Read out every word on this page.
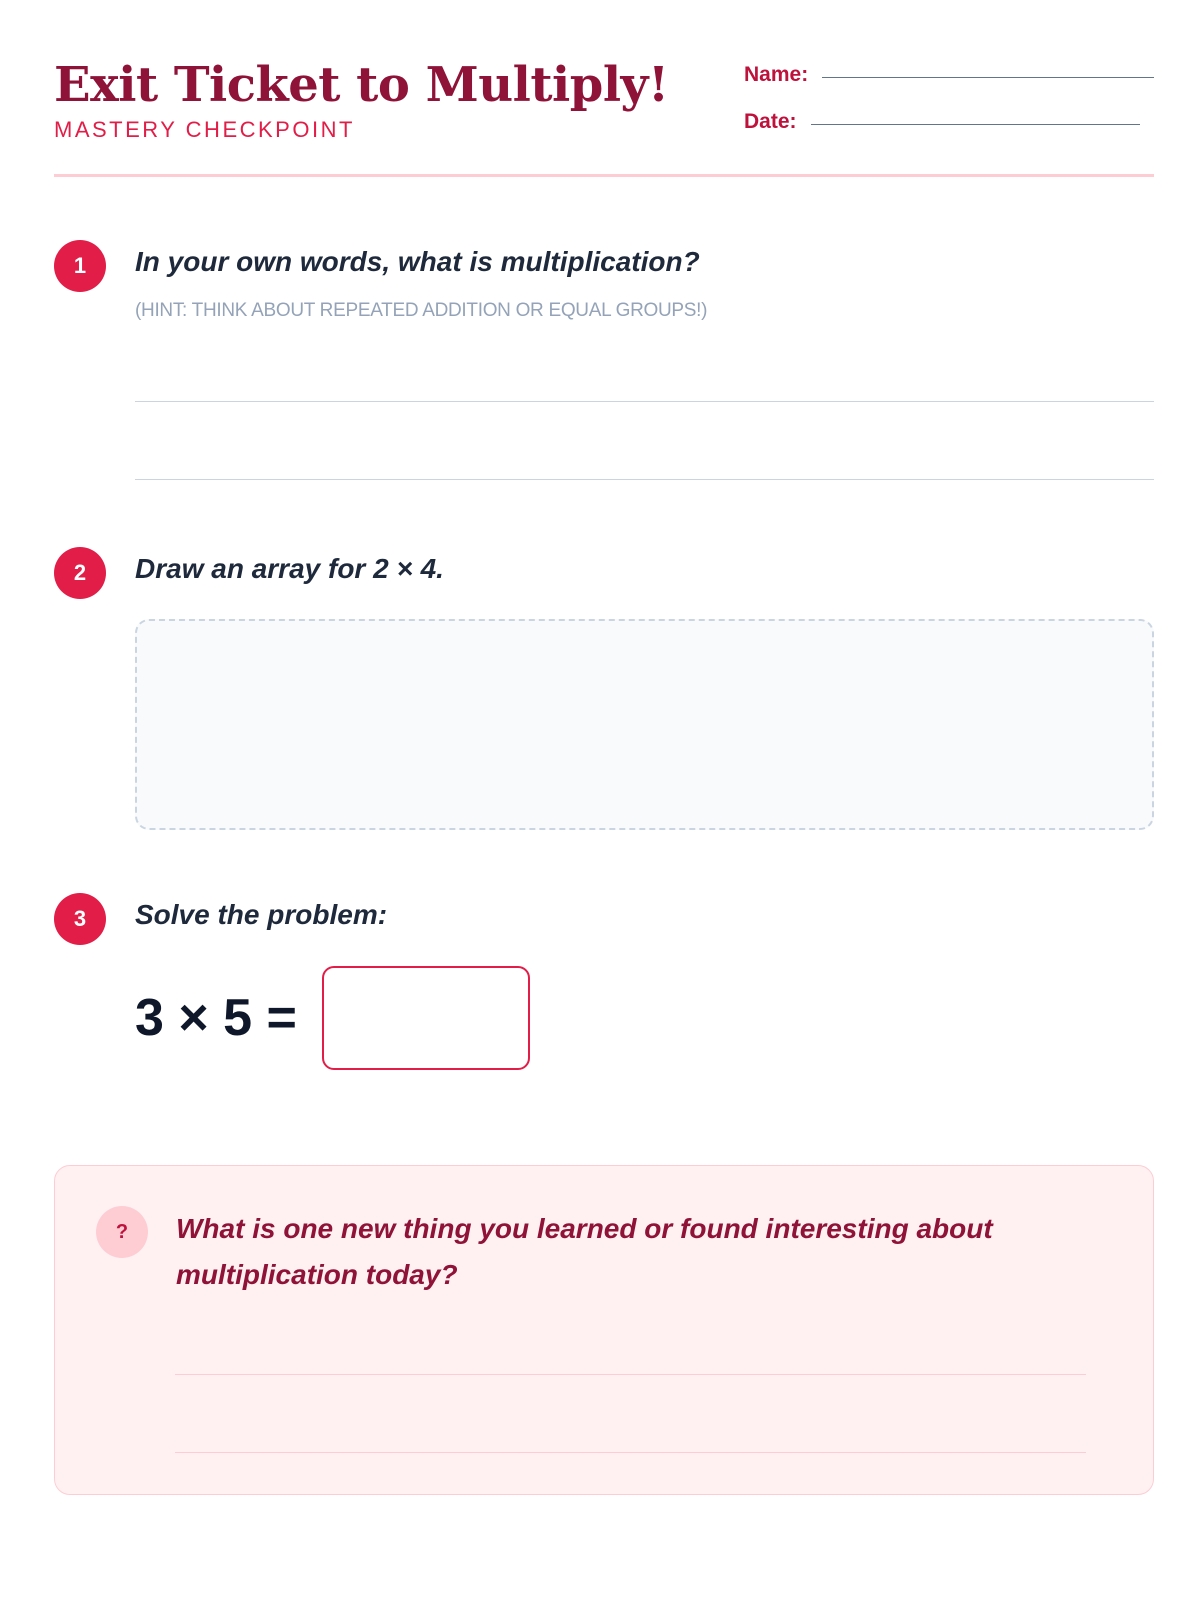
Exit Ticket to Multiply!
MASTERY CHECKPOINT
Name:
Date:
1	In your own words, what is multiplication?
(HINT: THINK ABOUT REPEATED ADDITION OR EQUAL GROUPS!)
2	Draw an array for 2 × 4.
3	Solve the problem:
3 × 5 =
?	What is one new thing you learned or found interesting about multiplication today?
